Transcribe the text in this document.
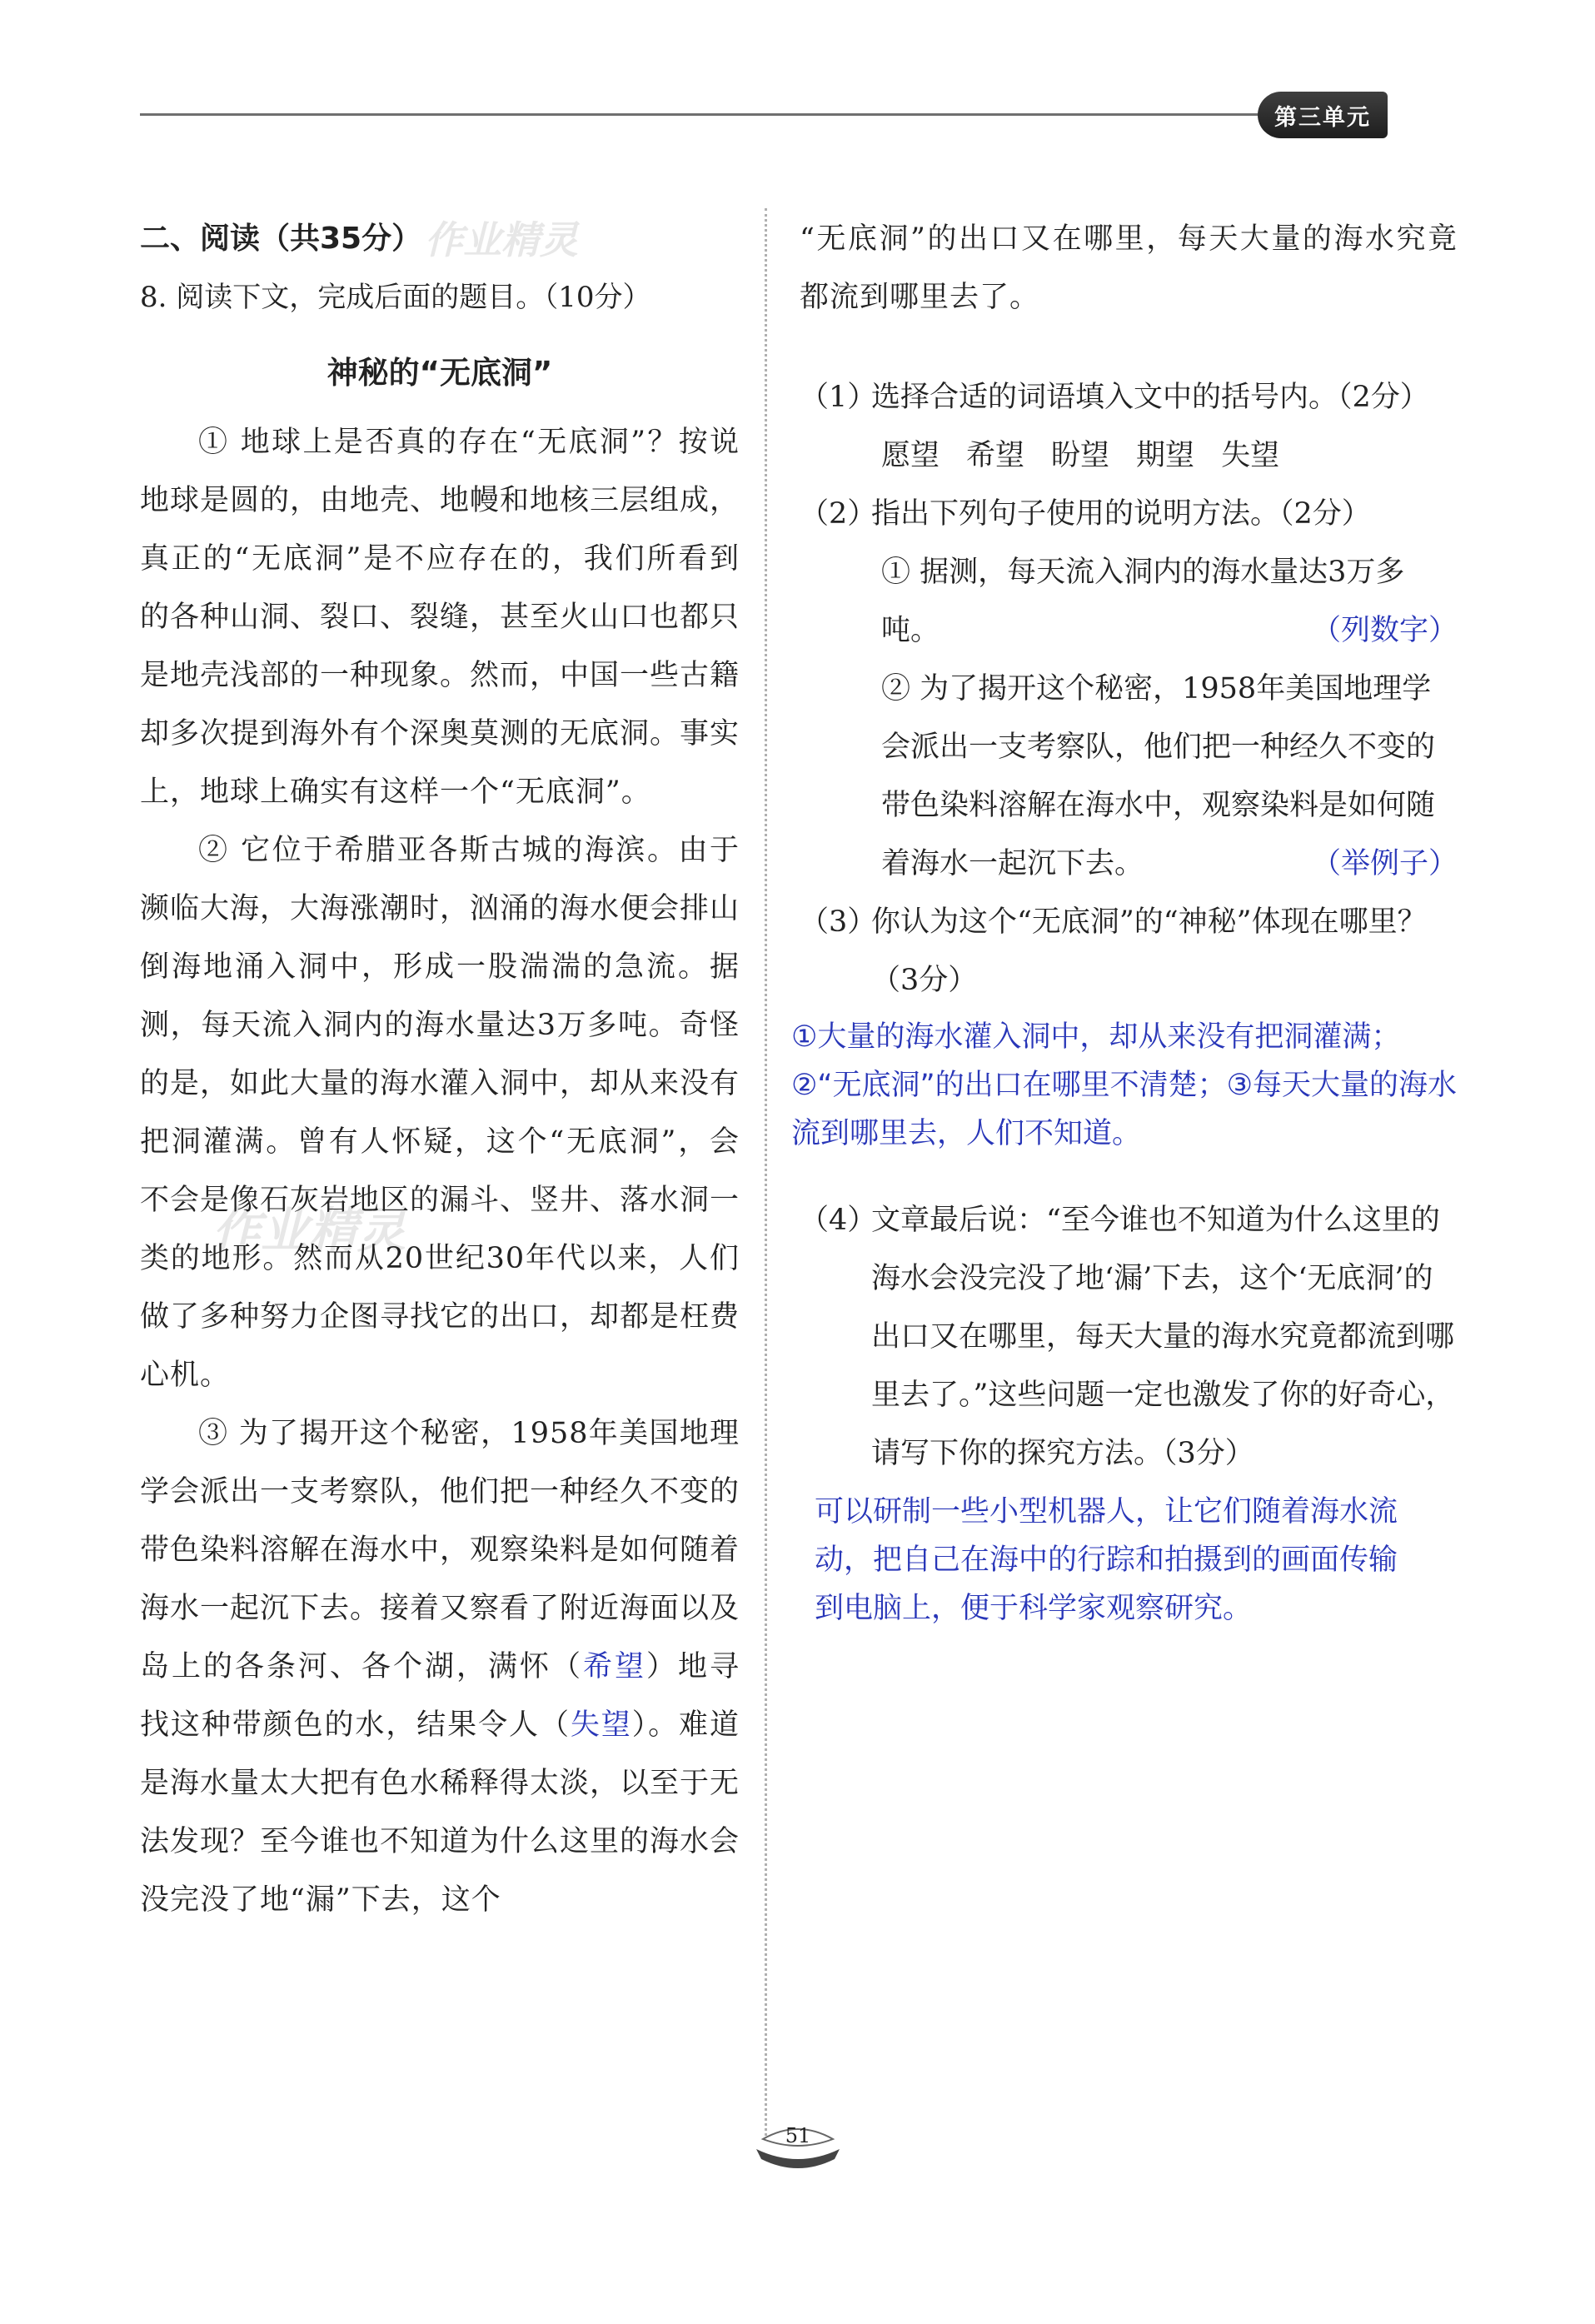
第三单元
作业精灵
作业精灵
二、阅读（共35分）
8. 阅读下文，完成后面的题目。（10分）
神秘的“无底洞”
① 地球上是否真的存在“无底洞”？按说地球是圆的，由地壳、地幔和地核三层组成，真正的“无底洞”是不应存在的，我们所看到的各种山洞、裂口、裂缝，甚至火山口也都只是地壳浅部的一种现象。然而，中国一些古籍却多次提到海外有个深奥莫测的无底洞。事实上，地球上确实有这样一个“无底洞”。
② 它位于希腊亚各斯古城的海滨。由于濒临大海，大海涨潮时，汹涌的海水便会排山倒海地涌入洞中，形成一股湍湍的急流。据测，每天流入洞内的海水量达3万多吨。奇怪的是，如此大量的海水灌入洞中，却从来没有把洞灌满。曾有人怀疑，这个“无底洞”，会不会是像石灰岩地区的漏斗、竖井、落水洞一类的地形。然而从20世纪30年代以来，人们做了多种努力企图寻找它的出口，却都是枉费心机。
③ 为了揭开这个秘密，1958年美国地理学会派出一支考察队，他们把一种经久不变的带色染料溶解在海水中，观察染料是如何随着海水一起沉下去。接着又察看了附近海面以及岛上的各条河、各个湖，满怀（希望）地寻找这种带颜色的水，结果令人（失望）。难道是海水量太大把有色水稀释得太淡，以至于无法发现？至今谁也不知道为什么这里的海水会没完没了地“漏”下去，这个
“无底洞”的出口又在哪里，每天大量的海水究竟都流到哪里去了。
（1）
选择合适的词语填入文中的括号内。（2分）
愿望 希望 盼望 期望 失望
（2）
指出下列句子使用的说明方法。（2分）
① 据测，每天流入洞内的海水量达3万多吨。	（列数字）
② 为了揭开这个秘密，1958年美国地理学会派出一支考察队，他们把一种经久不变的带色染料溶解在海水中，观察染料是如何随着海水一起沉下去。	（举例子）
（3）
你认为这个“无底洞”的“神秘”体现在哪里？（3分）
①大量的海水灌入洞中，却从来没有把洞灌满；②“无底洞”的出口在哪里不清楚；③每天大量的海水流到哪里去，人们不知道。
（4）
文章最后说：“至今谁也不知道为什么这里的海水会没完没了地‘漏’下去，这个‘无底洞’的出口又在哪里，每天大量的海水究竟都流到哪里去了。”这些问题一定也激发了你的好奇心，请写下你的探究方法。（3分）
可以研制一些小型机器人，让它们随着海水流动，把自己在海中的行踪和拍摄到的画面传输到电脑上，便于科学家观察研究。
51
